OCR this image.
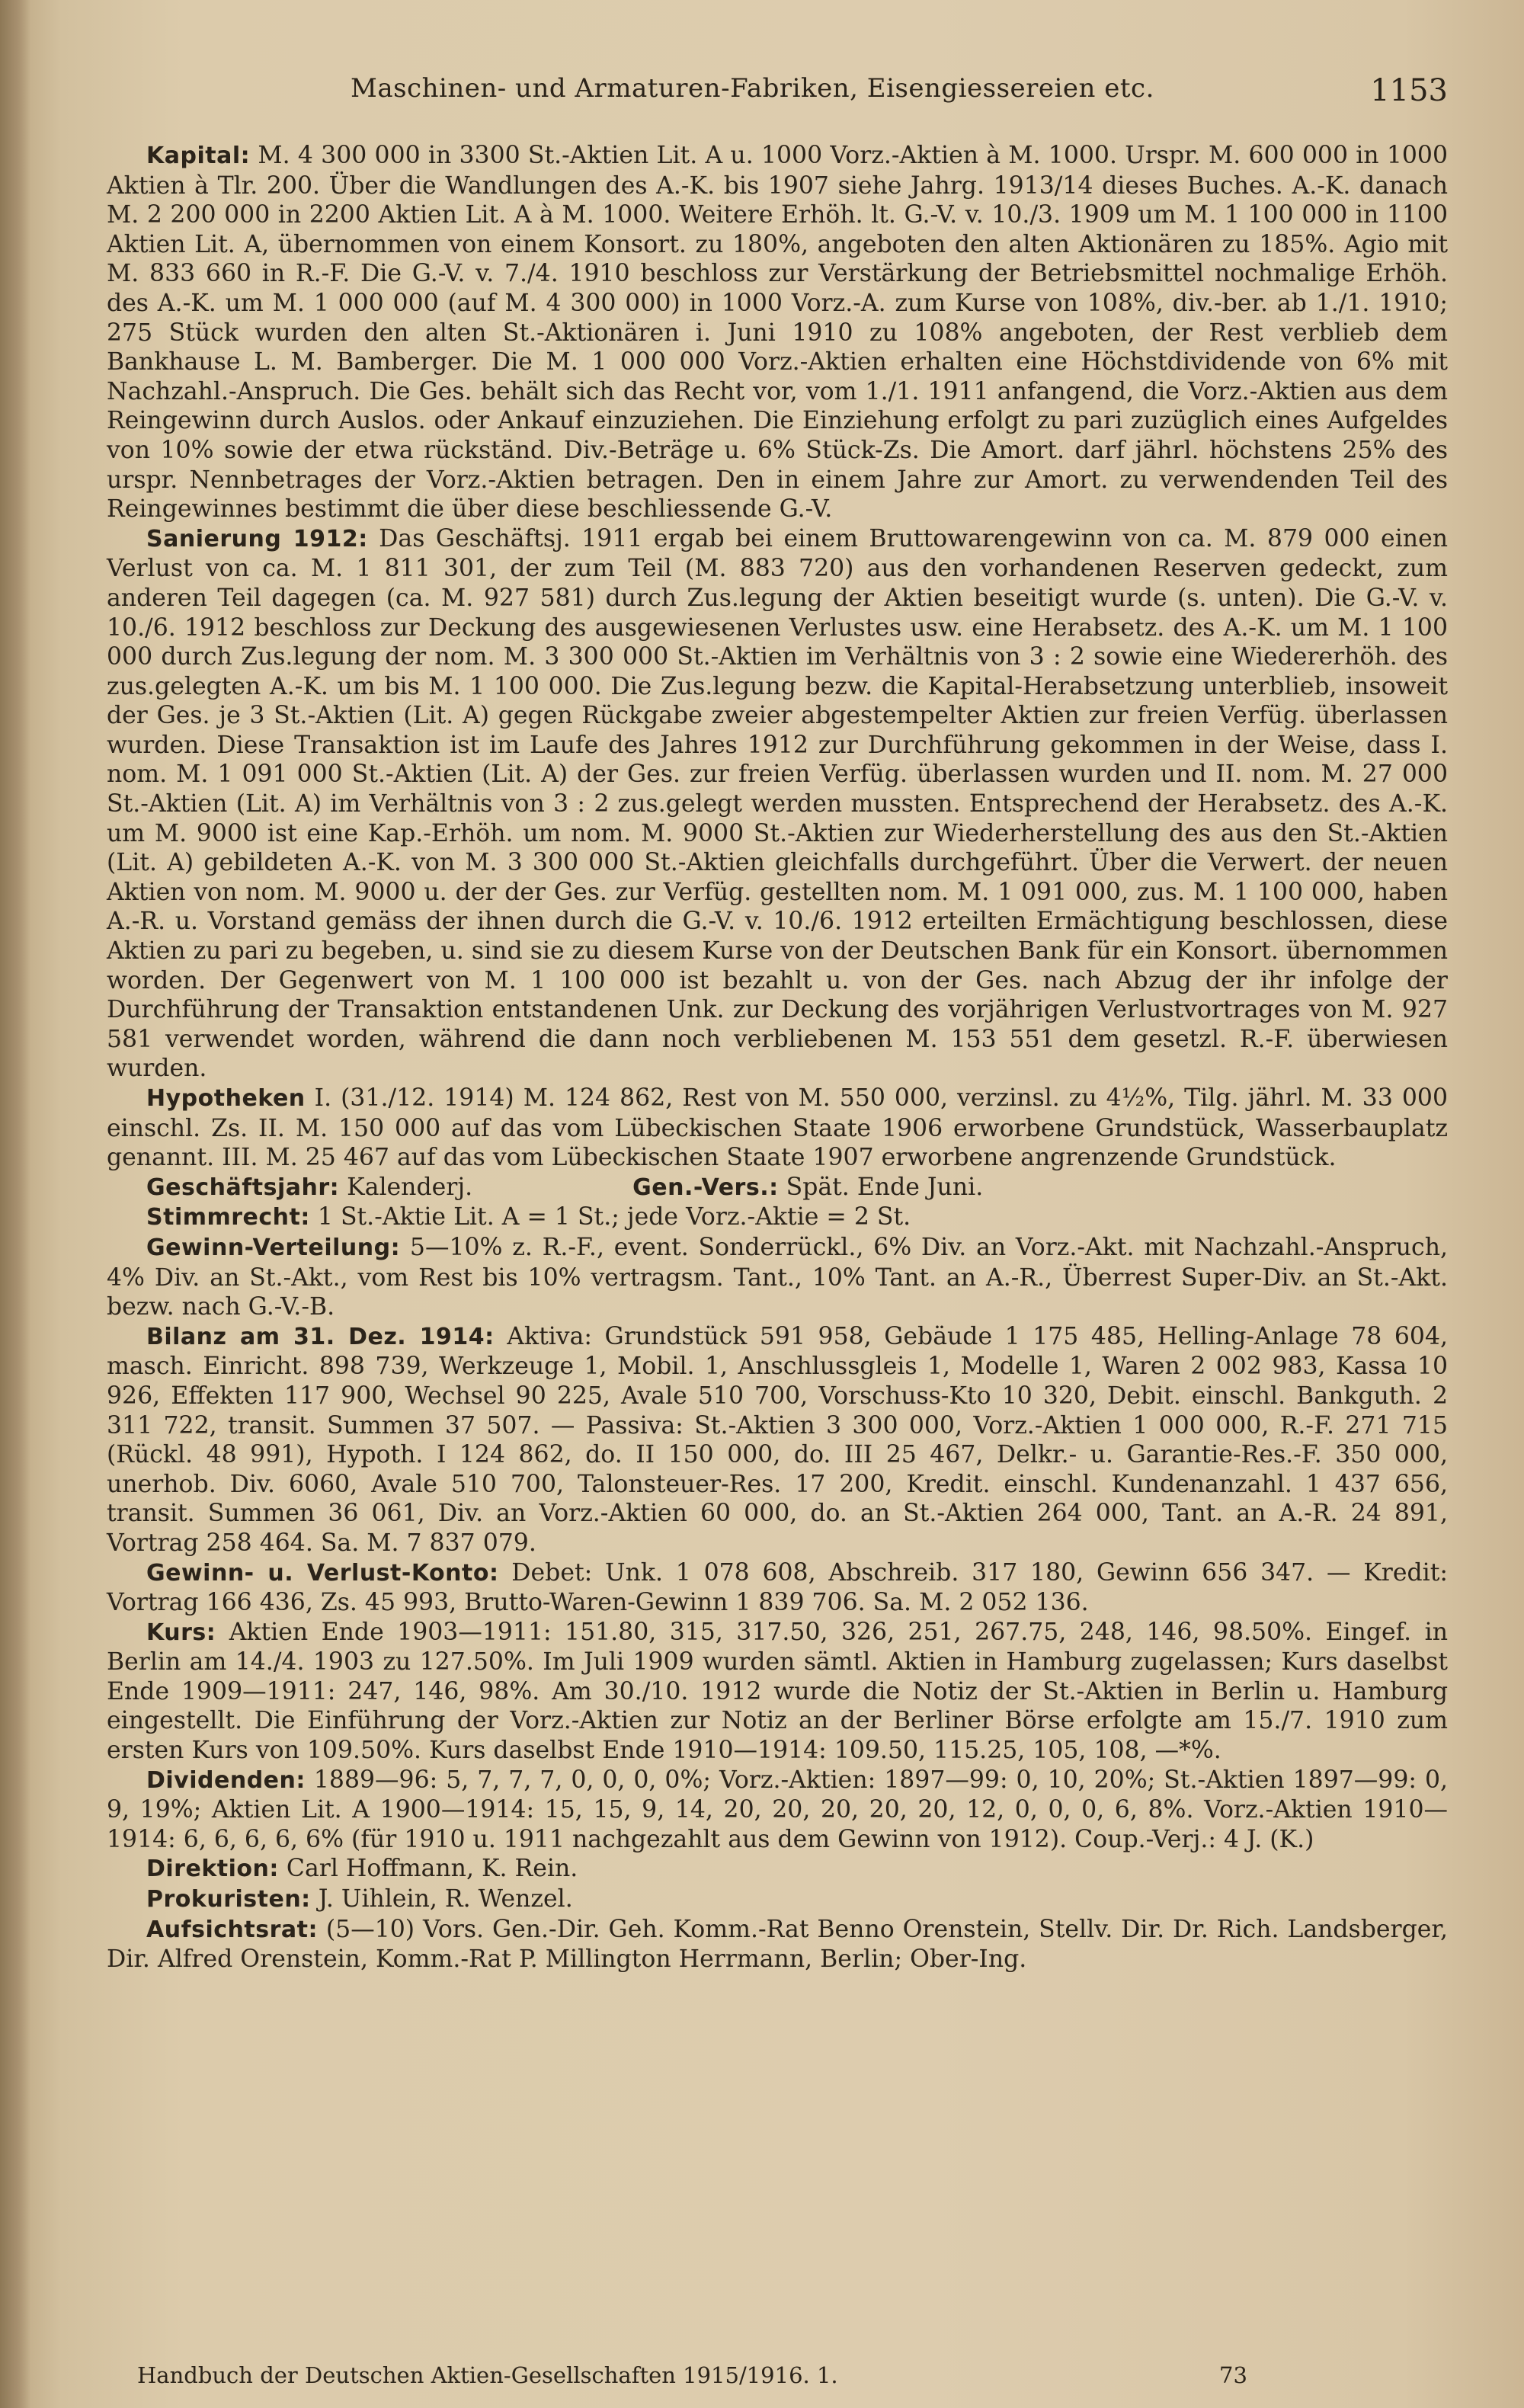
Maschinen- und Armaturen-Fabriken, Eisengiessereien etc.	1153

Kapital: M. 4 300 000 in 3300 St.-Aktien Lit. A u. 1000 Vorz.-Aktien à M. 1000. Urspr. M. 600 000 in 1000 Aktien à Tlr. 200. Über die Wandlungen des A.-K. bis 1907 siehe Jahrg. 1913/14 dieses Buches. A.-K. danach M. 2 200 000 in 2200 Aktien Lit. A à M. 1000. Weitere Erhöh. lt. G.-V. v. 10./3. 1909 um M. 1 100 000 in 1100 Aktien Lit. A, übernommen von einem Konsort. zu 180%, angeboten den alten Aktionären zu 185%. Agio mit M. 833 660 in R.-F. Die G.-V. v. 7./4. 1910 beschloss zur Verstärkung der Betriebsmittel nochmalige Erhöh. des A.-K. um M. 1 000 000 (auf M. 4 300 000) in 1000 Vorz.-A. zum Kurse von 108%, div.-ber. ab 1./1. 1910; 275 Stück wurden den alten St.-Aktionären i. Juni 1910 zu 108% angeboten, der Rest verblieb dem Bankhause L. M. Bamberger. Die M. 1 000 000 Vorz.-Aktien erhalten eine Höchstdividende von 6% mit Nachzahl.-Anspruch. Die Ges. behält sich das Recht vor, vom 1./1. 1911 anfangend, die Vorz.-Aktien aus dem Reingewinn durch Auslos. oder Ankauf einzuziehen. Die Einziehung erfolgt zu pari zuzüglich eines Aufgeldes von 10% sowie der etwa rückständ. Div.-Beträge u. 6% Stück-Zs. Die Amort. darf jährl. höchstens 25% des urspr. Nennbetrages der Vorz.-Aktien betragen. Den in einem Jahre zur Amort. zu verwendenden Teil des Reingewinnes bestimmt die über diese beschliessende G.-V.

Sanierung 1912: Das Geschäftsj. 1911 ergab bei einem Bruttowarengewinn von ca. M. 879 000 einen Verlust von ca. M. 1 811 301, der zum Teil (M. 883 720) aus den vorhandenen Reserven gedeckt, zum anderen Teil dagegen (ca. M. 927 581) durch Zus.legung der Aktien beseitigt wurde (s. unten). Die G.-V. v. 10./6. 1912 beschloss zur Deckung des ausgewiesenen Verlustes usw. eine Herabsetz. des A.-K. um M. 1 100 000 durch Zus.legung der nom. M. 3 300 000 St.-Aktien im Verhältnis von 3 : 2 sowie eine Wiedererhöh. des zus.gelegten A.-K. um bis M. 1 100 000. Die Zus.legung bezw. die Kapital-Herabsetzung unterblieb, insoweit der Ges. je 3 St.-Aktien (Lit. A) gegen Rückgabe zweier abgestempelter Aktien zur freien Verfüg. überlassen wurden. Diese Transaktion ist im Laufe des Jahres 1912 zur Durchführung gekommen in der Weise, dass I. nom. M. 1 091 000 St.-Aktien (Lit. A) der Ges. zur freien Verfüg. überlassen wurden und II. nom. M. 27 000 St.-Aktien (Lit. A) im Verhältnis von 3 : 2 zus.gelegt werden mussten. Entsprechend der Herabsetz. des A.-K. um M. 9000 ist eine Kap.-Erhöh. um nom. M. 9000 St.-Aktien zur Wiederherstellung des aus den St.-Aktien (Lit. A) gebildeten A.-K. von M. 3 300 000 St.-Aktien gleichfalls durchgeführt. Über die Verwert. der neuen Aktien von nom. M. 9000 u. der der Ges. zur Verfüg. gestellten nom. M. 1 091 000, zus. M. 1 100 000, haben A.-R. u. Vorstand gemäss der ihnen durch die G.-V. v. 10./6. 1912 erteilten Ermächtigung beschlossen, diese Aktien zu pari zu begeben, u. sind sie zu diesem Kurse von der Deutschen Bank für ein Konsort. übernommen worden. Der Gegenwert von M. 1 100 000 ist bezahlt u. von der Ges. nach Abzug der ihr infolge der Durchführung der Transaktion entstandenen Unk. zur Deckung des vorjährigen Verlustvortrages von M. 927 581 verwendet worden, während die dann noch verbliebenen M. 153 551 dem gesetzl. R.-F. überwiesen wurden.

Hypotheken I. (31./12. 1914) M. 124 862, Rest von M. 550 000, verzinsl. zu 4½%, Tilg. jährl. M. 33 000 einschl. Zs. II. M. 150 000 auf das vom Lübeckischen Staate 1906 erworbene Grundstück, Wasserbauplatz genannt. III. M. 25 467 auf das vom Lübeckischen Staate 1907 erworbene angrenzende Grundstück.

Geschäftsjahr: Kalenderj.	Gen.-Vers.: Spät. Ende Juni.

Stimmrecht: 1 St.-Aktie Lit. A = 1 St.; jede Vorz.-Aktie = 2 St.

Gewinn-Verteilung: 5—10% z. R.-F., event. Sonderrückl., 6% Div. an Vorz.-Akt. mit Nachzahl.-Anspruch, 4% Div. an St.-Akt., vom Rest bis 10% vertragsm. Tant., 10% Tant. an A.-R., Überrest Super-Div. an St.-Akt. bezw. nach G.-V.-B.

Bilanz am 31. Dez. 1914: Aktiva: Grundstück 591 958, Gebäude 1 175 485, Helling-Anlage 78 604, masch. Einricht. 898 739, Werkzeuge 1, Mobil. 1, Anschlussgleis 1, Modelle 1, Waren 2 002 983, Kassa 10 926, Effekten 117 900, Wechsel 90 225, Avale 510 700, Vorschuss-Kto 10 320, Debit. einschl. Bankguth. 2 311 722, transit. Summen 37 507. — Passiva: St.-Aktien 3 300 000, Vorz.-Aktien 1 000 000, R.-F. 271 715 (Rückl. 48 991), Hypoth. I 124 862, do. II 150 000, do. III 25 467, Delkr.- u. Garantie-Res.-F. 350 000, unerhob. Div. 6060, Avale 510 700, Talonsteuer-Res. 17 200, Kredit. einschl. Kundenanzahl. 1 437 656, transit. Summen 36 061, Div. an Vorz.-Aktien 60 000, do. an St.-Aktien 264 000, Tant. an A.-R. 24 891, Vortrag 258 464. Sa. M. 7 837 079.

Gewinn- u. Verlust-Konto: Debet: Unk. 1 078 608, Abschreib. 317 180, Gewinn 656 347. — Kredit: Vortrag 166 436, Zs. 45 993, Brutto-Waren-Gewinn 1 839 706. Sa. M. 2 052 136.

Kurs: Aktien Ende 1903—1911: 151.80, 315, 317.50, 326, 251, 267.75, 248, 146, 98.50%. Eingef. in Berlin am 14./4. 1903 zu 127.50%. Im Juli 1909 wurden sämtl. Aktien in Hamburg zugelassen; Kurs daselbst Ende 1909—1911: 247, 146, 98%. Am 30./10. 1912 wurde die Notiz der St.-Aktien in Berlin u. Hamburg eingestellt. Die Einführung der Vorz.-Aktien zur Notiz an der Berliner Börse erfolgte am 15./7. 1910 zum ersten Kurs von 109.50%. Kurs daselbst Ende 1910—1914: 109.50, 115.25, 105, 108, —*%.

Dividenden: 1889—96: 5, 7, 7, 7, 0, 0, 0, 0%; Vorz.-Aktien: 1897—99: 0, 10, 20%; St.-Aktien 1897—99: 0, 9, 19%; Aktien Lit. A 1900—1914: 15, 15, 9, 14, 20, 20, 20, 20, 20, 12, 0, 0, 0, 6, 8%. Vorz.-Aktien 1910—1914: 6, 6, 6, 6, 6% (für 1910 u. 1911 nachgezahlt aus dem Gewinn von 1912). Coup.-Verj.: 4 J. (K.)

Direktion: Carl Hoffmann, K. Rein.

Prokuristen: J. Uihlein, R. Wenzel.

Aufsichtsrat: (5—10) Vors. Gen.-Dir. Geh. Komm.-Rat Benno Orenstein, Stellv. Dir. Dr. Rich. Landsberger, Dir. Alfred Orenstein, Komm.-Rat P. Millington Herrmann, Berlin; Ober-Ing.

Handbuch der Deutschen Aktien-Gesellschaften 1915/1916. 1.	73
